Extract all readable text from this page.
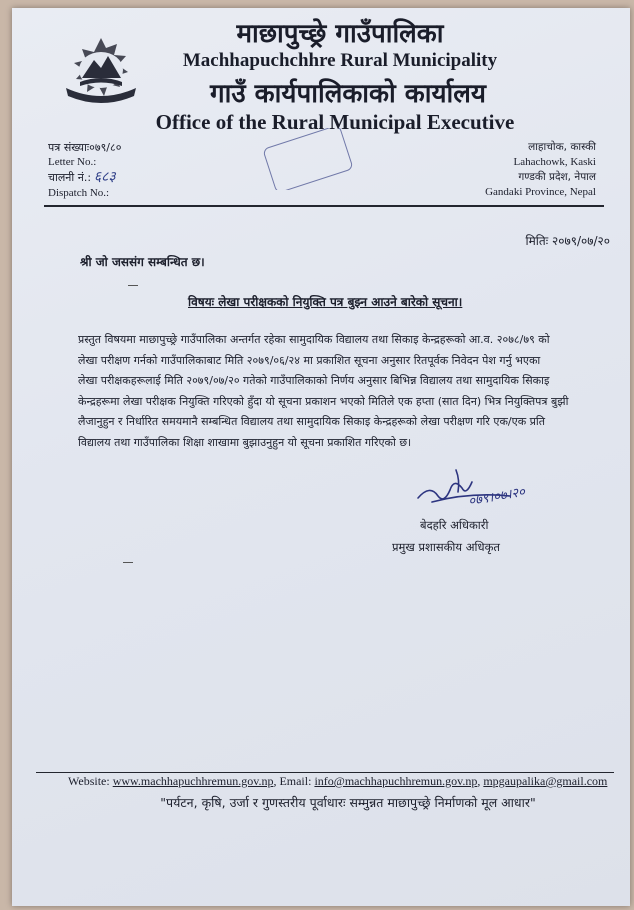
माछापुच्छ्रे गाउँपालिका
Machhapuchchhre Rural Municipality
गाउँ कार्यपालिकाको कार्यालय
Office of the Rural Municipal Executive
पत्र संख्याः०७९/८०
Letter No.:
चालनी नं.: ६८३
Dispatch No.:
लाहाचोक, कास्की
Lahachowk, Kaski
गण्डकी प्रदेश, नेपाल
Gandaki Province, Nepal
मितिः २०७९/०७/२०
श्री जो जससंग सम्बन्धित छ।
विषयः लेखा परीक्षकको नियुक्ति पत्र बुझ्न आउने बारेको सूचना।
प्रस्तुत विषयमा माछापुच्छ्रे गाउँपालिका अन्तर्गत रहेका सामुदायिक विद्यालय तथा सिकाइ केन्द्रहरूको आ.व. २०७८/७९ को
लेखा परीक्षण गर्नको गाउँपालिकाबाट मिति २०७९/०६/२४ मा प्रकाशित सूचना अनुसार रितपूर्वक निवेदन पेश गर्नु भएका
लेखा परीक्षकहरूलाई मिति २०७९/०७/२० गतेको गाउँपालिकाको निर्णय अनुसार बिभिन्न विद्यालय तथा सामुदायिक सिकाइ
केन्द्रहरूमा लेखा परीक्षक नियुक्ति गरिएको हुँदा यो सूचना प्रकाशन भएको मितिले एक हप्ता (सात दिन) भित्र नियुक्तिपत्र बुझी
लैजानुहुन र निर्धारित समयमानै सम्बन्धित विद्यालय तथा सामुदायिक सिकाइ केन्द्रहरूको लेखा परीक्षण गरि एक/एक प्रति
विद्यालय तथा गाउँपालिका शिक्षा शाखामा बुझाउनुहुन यो सूचना प्रकाशित गरिएको छ।
०७९।०७।२०
बेदहरि अधिकारी
प्रमुख प्रशासकीय अधिकृत
Website: www.machhapuchhremun.gov.np, Email: info@machhapuchhremun.gov.np, mpgaupalika@gmail.com
"पर्यटन, कृषि, उर्जा र गुणस्तरीय पूर्वाधारः सम्मुन्नत माछापुच्छ्रे निर्माणको मूल आधार"
